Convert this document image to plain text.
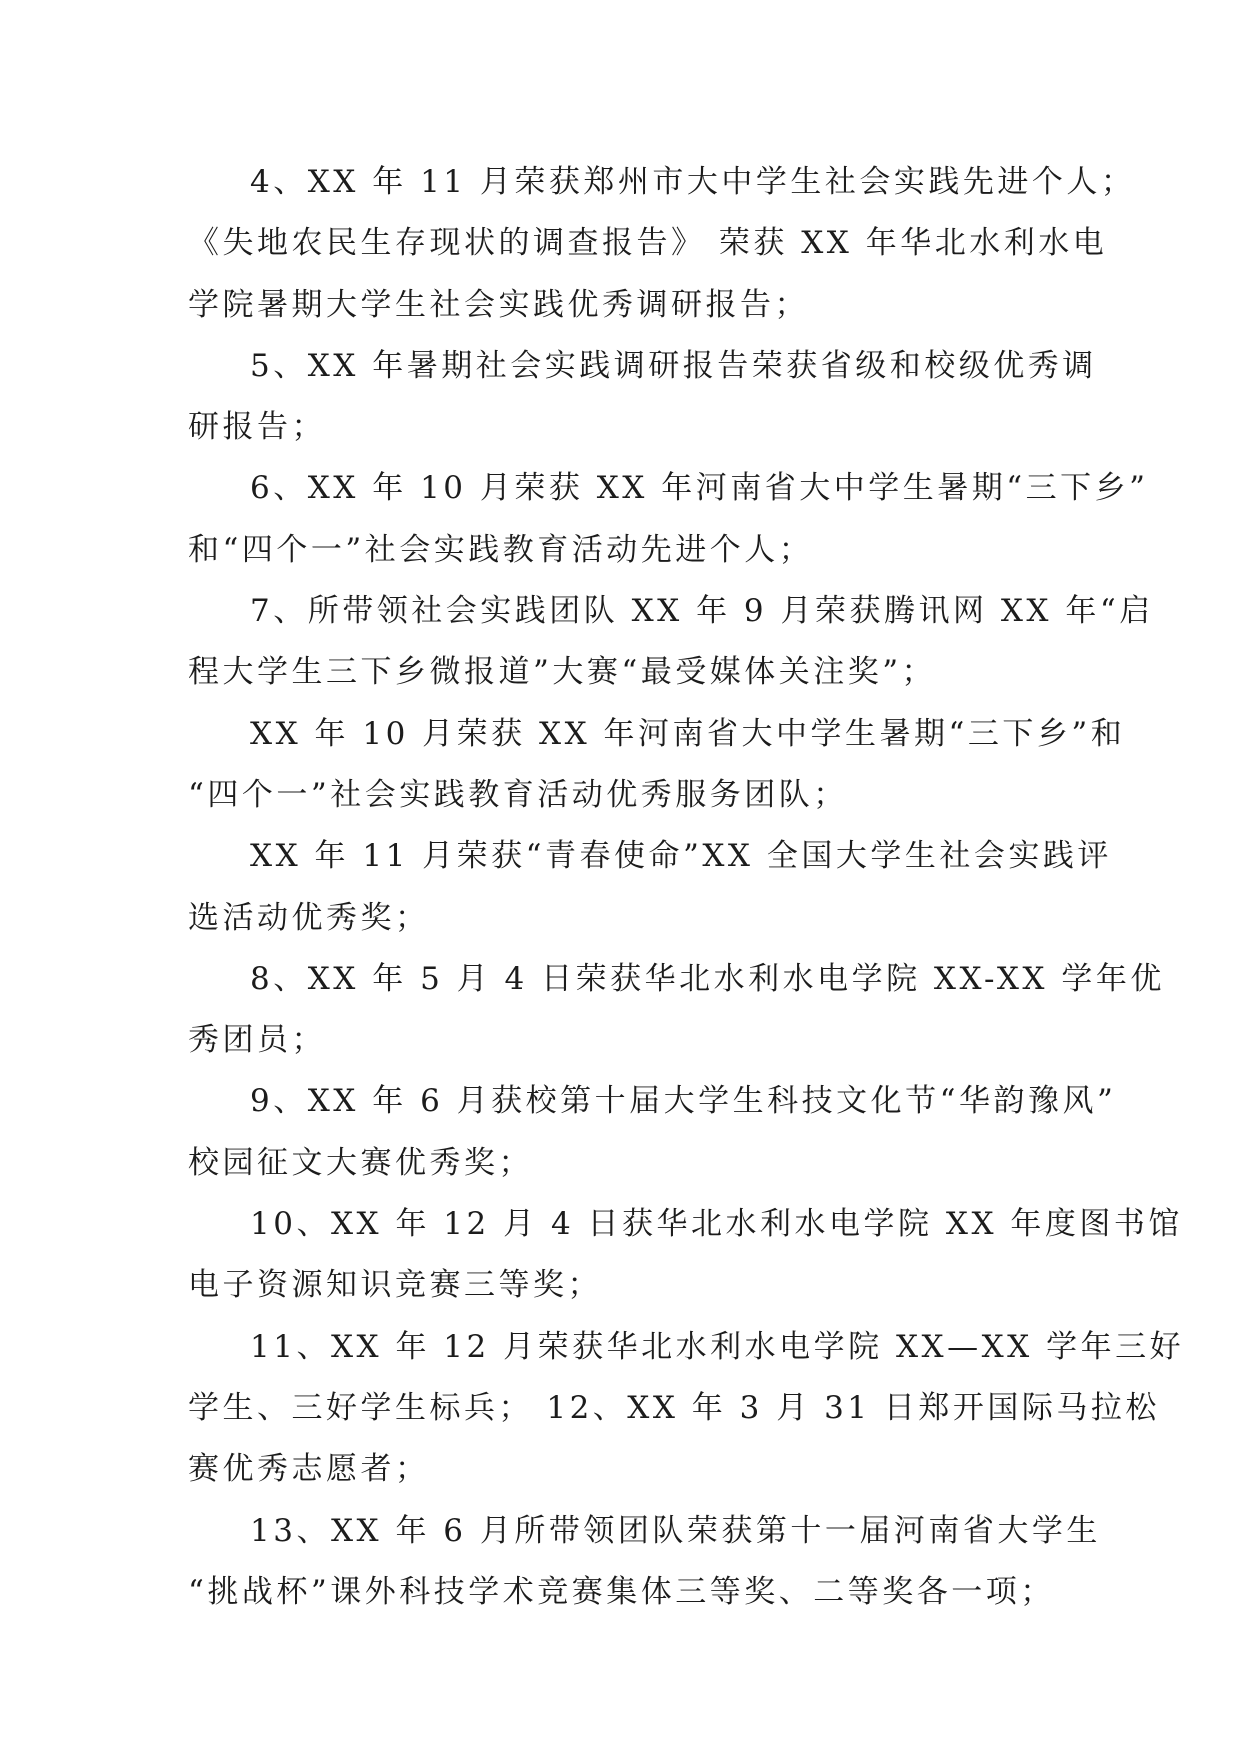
4、XX 年 11 月荣获郑州市大中学生社会实践先进个人；
《失地农民生存现状的调查报告》 荣获 XX 年华北水利水电
学院暑期大学生社会实践优秀调研报告；
5、XX 年暑期社会实践调研报告荣获省级和校级优秀调
研报告；
6、XX 年 10 月荣获 XX 年河南省大中学生暑期“三下乡”
和“四个一”社会实践教育活动先进个人；
7、所带领社会实践团队 XX 年 9 月荣获腾讯网 XX 年“启
程大学生三下乡微报道”大赛“最受媒体关注奖”；
XX 年 10 月荣获 XX 年河南省大中学生暑期“三下乡”和
“四个一”社会实践教育活动优秀服务团队；
XX 年 11 月荣获“青春使命”XX 全国大学生社会实践评
选活动优秀奖；
8、XX 年 5 月 4 日荣获华北水利水电学院 XX-XX 学年优
秀团员；
9、XX 年 6 月获校第十届大学生科技文化节“华韵豫风”
校园征文大赛优秀奖；
10、XX 年 12 月 4 日获华北水利水电学院 XX 年度图书馆
电子资源知识竞赛三等奖；
11、XX 年 12 月荣获华北水利水电学院 XX—XX 学年三好
学生、三好学生标兵； 12、XX 年 3 月 31 日郑开国际马拉松
赛优秀志愿者；
13、XX 年 6 月所带领团队荣获第十一届河南省大学生
“挑战杯”课外科技学术竞赛集体三等奖、二等奖各一项；
